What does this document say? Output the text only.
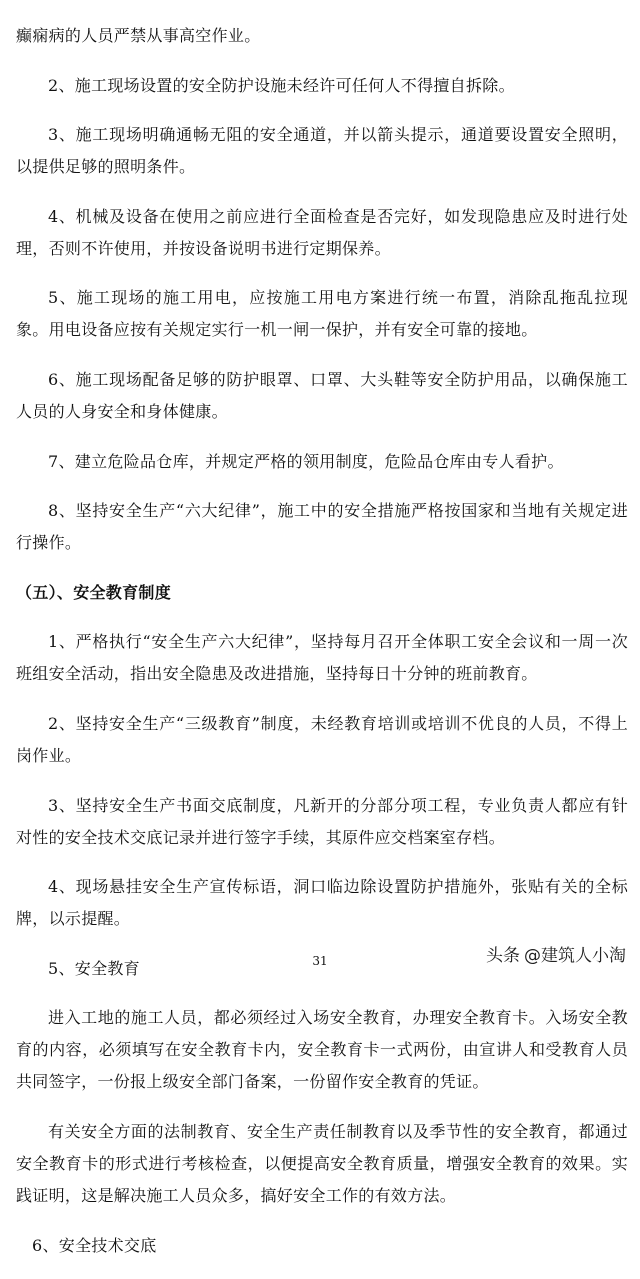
癫痫病的人员严禁从事高空作业。

2、施工现场设置的安全防护设施未经许可任何人不得擅自拆除。

3、施工现场明确通畅无阻的安全通道，并以箭头提示，通道要设置安全照明，以提供足够的照明条件。

4、机械及设备在使用之前应进行全面检查是否完好，如发现隐患应及时进行处理，否则不许使用，并按设备说明书进行定期保养。

5、施工现场的施工用电，应按施工用电方案进行统一布置，消除乱拖乱拉现象。用电设备应按有关规定实行一机一闸一保护，并有安全可靠的接地。

6、施工现场配备足够的防护眼罩、口罩、大头鞋等安全防护用品，以确保施工人员的人身安全和身体健康。

7、建立危险品仓库，并规定严格的领用制度，危险品仓库由专人看护。

8、坚持安全生产“六大纪律”，施工中的安全措施严格按国家和当地有关规定进行操作。

（五）、安全教育制度

1、严格执行“安全生产六大纪律”，坚持每月召开全体职工安全会议和一周一次班组安全活动，指出安全隐患及改进措施，坚持每日十分钟的班前教育。

2、坚持安全生产“三级教育”制度，未经教育培训或培训不优良的人员，不得上岗作业。

3、坚持安全生产书面交底制度，凡新开的分部分项工程，专业负责人都应有针对性的安全技术交底记录并进行签字手续，其原件应交档案室存档。

4、现场悬挂安全生产宣传标语，洞口临边除设置防护措施外，张贴有关的全标牌，以示提醒。

5、安全教育

进入工地的施工人员，都必须经过入场安全教育，办理安全教育卡。入场安全教育的内容，必须填写在安全教育卡内，安全教育卡一式两份，由宣讲人和受教育人员共同签字，一份报上级安全部门备案，一份留作安全教育的凭证。

有关安全方面的法制教育、安全生产责任制教育以及季节性的安全教育，都通过安全教育卡的形式进行考核检查，以便提高安全教育质量，增强安全教育的效果。实践证明，这是解决施工人员众多，搞好安全工作的有效方法。

6、安全技术交底

31	头条 @建筑人小淘
